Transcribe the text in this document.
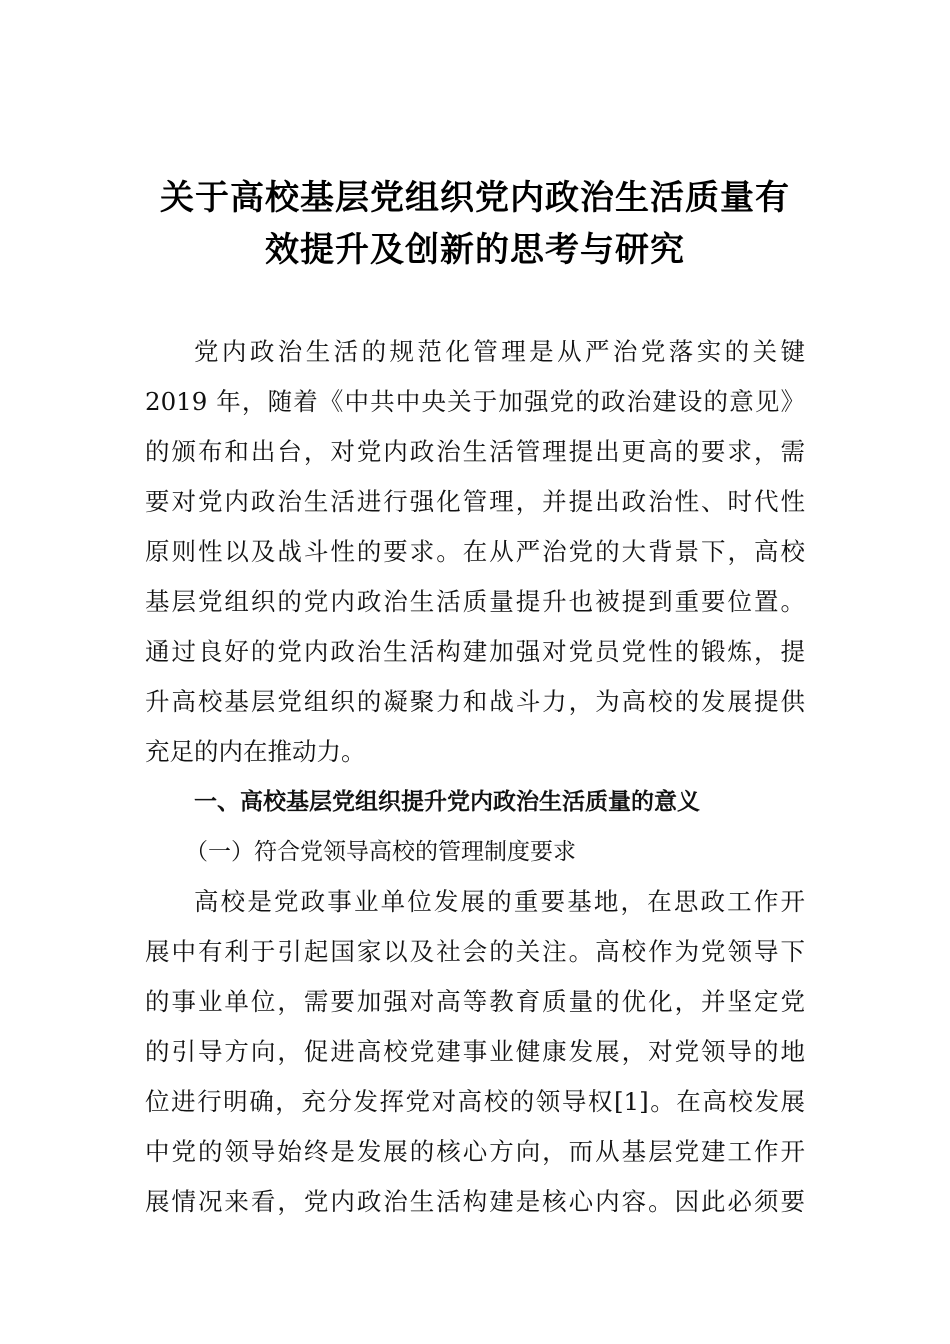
关于高校基层党组织党内政治生活质量有
效提升及创新的思考与研究
党内政治生活的规范化管理是从严治党落实的关键
2019 年，随着《中共中央关于加强党的政治建设的意见》
的颁布和出台，对党内政治生活管理提出更高的要求，需
要对党内政治生活进行强化管理，并提出政治性、时代性
原则性以及战斗性的要求。在从严治党的大背景下，高校
基层党组织的党内政治生活质量提升也被提到重要位置。
通过良好的党内政治生活构建加强对党员党性的锻炼，提
升高校基层党组织的凝聚力和战斗力，为高校的发展提供
充足的内在推动力。
一、高校基层党组织提升党内政治生活质量的意义
（一）符合党领导高校的管理制度要求
高校是党政事业单位发展的重要基地，在思政工作开
展中有利于引起国家以及社会的关注。高校作为党领导下
的事业单位，需要加强对高等教育质量的优化，并坚定党
的引导方向，促进高校党建事业健康发展，对党领导的地
位进行明确，充分发挥党对高校的领导权[1]。在高校发展
中党的领导始终是发展的核心方向，而从基层党建工作开
展情况来看，党内政治生活构建是核心内容。因此必须要
